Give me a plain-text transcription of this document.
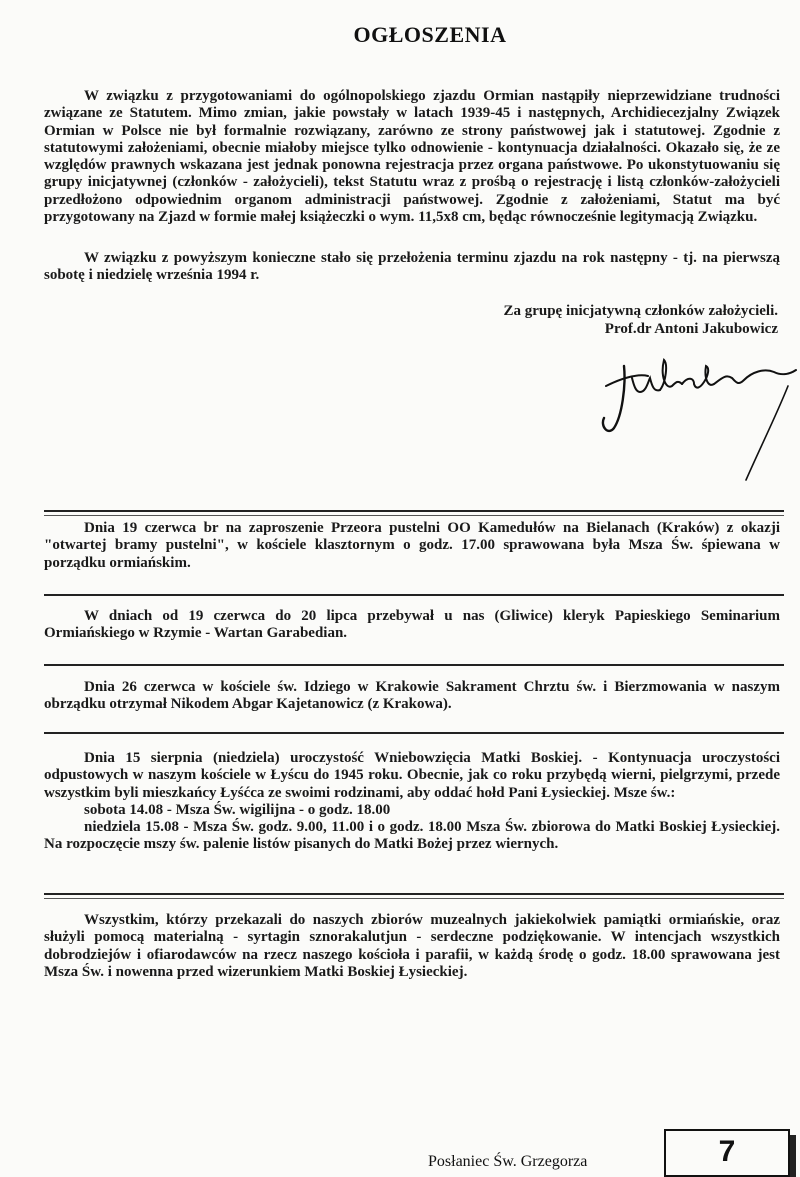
OGŁOSZENIA

W związku z przygotowaniami do ogólnopolskiego zjazdu Ormian nastąpiły nieprzewidziane trudności związane ze Statutem. Mimo zmian, jakie powstały w latach 1939-45 i następnych, Archidiecezjalny Związek Ormian w Polsce nie był formalnie rozwiązany, zarówno ze strony państwowej jak i statutowej. Zgodnie z statutowymi założeniami, obecnie miałoby miejsce tylko odnowienie - kontynuacja działalności. Okazało się, że ze względów prawnych wskazana jest jednak ponowna rejestracja przez organa państwowe. Po ukonstytuowaniu się grupy inicjatywnej (członków - założycieli), tekst Statutu wraz z prośbą o rejestrację i listą członków-założycieli przedłożono odpowiednim organom administracji państwowej. Zgodnie z założeniami, Statut ma być przygotowany na Zjazd w formie małej książeczki o wym. 11,5x8 cm, będąc równocześnie legitymacją Związku.

W związku z powyższym konieczne stało się przełożenia terminu zjazdu na rok następny - tj. na pierwszą sobotę i niedzielę września 1994 r.

Za grupę inicjatywną członków założycieli.
Prof.dr Antoni Jakubowicz

Dnia 19 czerwca br na zaproszenie Przeora pustelni OO Kamedułów na Bielanach (Kraków) z okazji "otwartej bramy pustelni", w kościele klasztornym o godz. 17.00 sprawowana była Msza Św. śpiewana w porządku ormiańskim.

W dniach od 19 czerwca do 20 lipca przebywał u nas (Gliwice) kleryk Papieskiego Seminarium Ormiańskiego w Rzymie - Wartan Garabedian.

Dnia 26 czerwca w kościele św. Idziego w Krakowie Sakrament Chrztu św. i Bierzmowania w naszym obrządku otrzymał Nikodem Abgar Kajetanowicz (z Krakowa).

Dnia 15 sierpnia (niedziela) uroczystość Wniebowzięcia Matki Boskiej. - Kontynuacja uroczystości odpustowych w naszym kościele w Łyścu do 1945 roku. Obecnie, jak co roku przybędą wierni, pielgrzymi, przede wszystkim byli mieszkańcy Łyśćca ze swoimi rodzinami, aby oddać hołd Pani Łysieckiej. Msze św.:
sobota 14.08 - Msza Św. wigilijna - o godz. 18.00
niedziela 15.08 - Msza Św. godz. 9.00, 11.00 i o godz. 18.00 Msza Św. zbiorowa do Matki Boskiej Łysieckiej. Na rozpoczęcie mszy św. palenie listów pisanych do Matki Bożej przez wiernych.

Wszystkim, którzy przekazali do naszych zbiorów muzealnych jakiekolwiek pamiątki ormiańskie, oraz służyli pomocą materialną - syrtagin sznorakalutjun - serdeczne podziękowanie. W intencjach wszystkich dobrodziejów i ofiarodawców na rzecz naszego kościoła i parafii, w każdą środę o godz. 18.00 sprawowana jest Msza Św. i nowenna przed wizerunkiem Matki Boskiej Łysieckiej.

Posłaniec Św. Grzegorza	7
